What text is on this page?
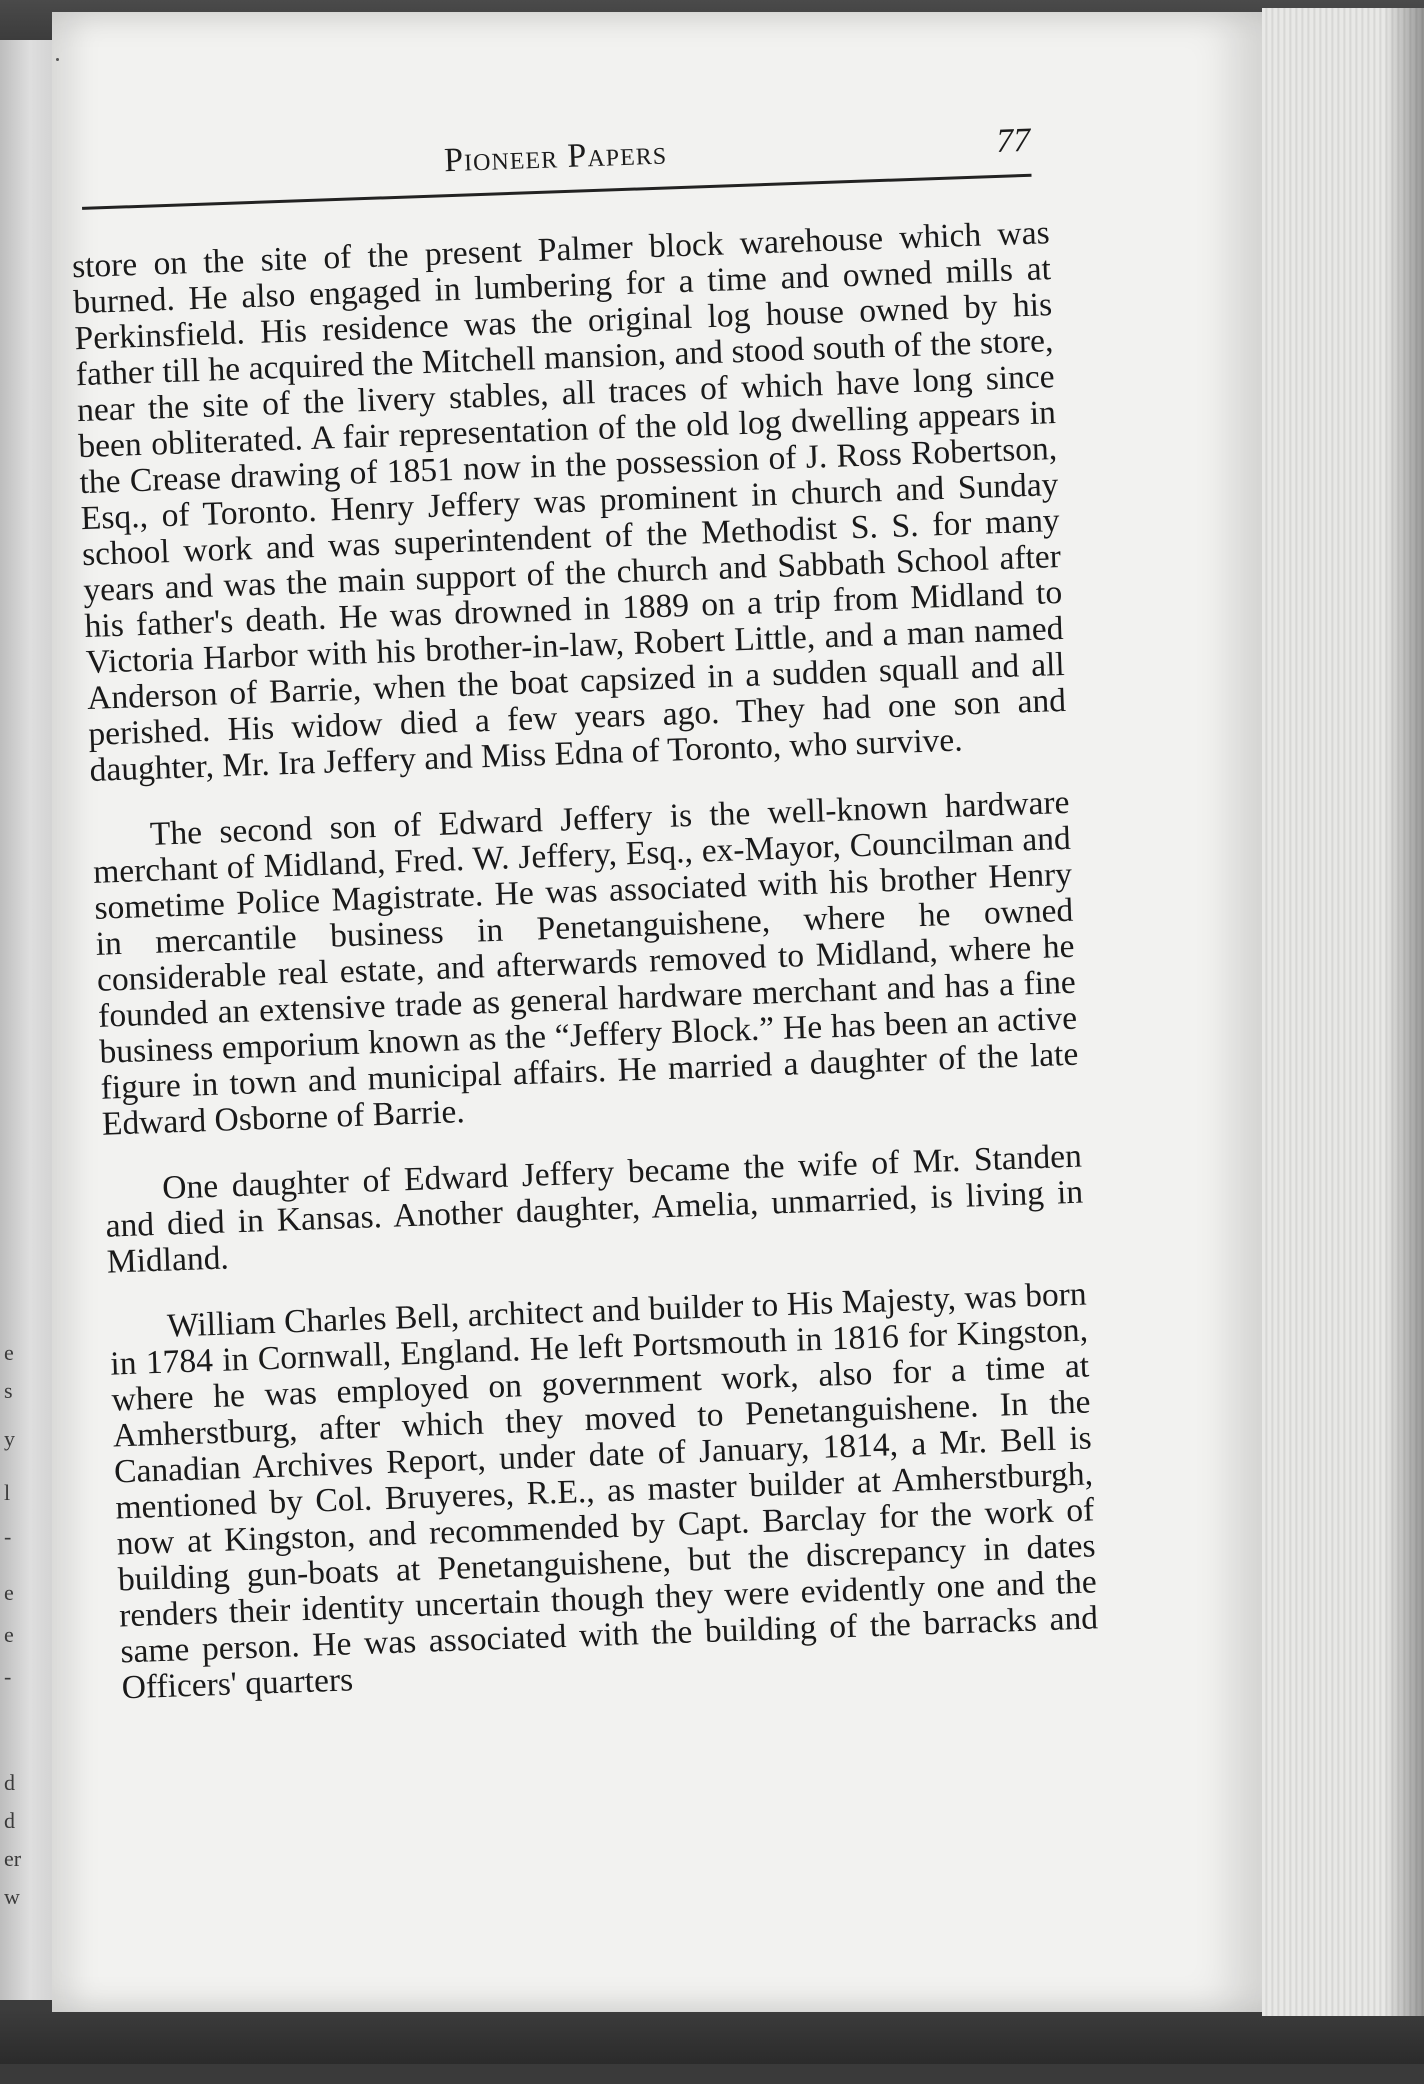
e
s
y
l
-
e
e
-
d
d
er
w
Pioneer Papers	77

store on the site of the present Palmer block warehouse which was burned. He also engaged in lumbering for a time and owned mills at Perkinsfield. His residence was the original log house owned by his father till he acquired the Mitchell mansion, and stood south of the store, near the site of the livery stables, all traces of which have long since been obliterated. A fair representation of the old log dwelling appears in the Crease drawing of 1851 now in the possession of J. Ross Robertson, Esq., of Toronto. Henry Jeffery was prominent in church and Sunday school work and was superintendent of the Methodist S. S. for many years and was the main support of the church and Sabbath School after his father's death. He was drowned in 1889 on a trip from Midland to Victoria Harbor with his brother-in-law, Robert Little, and a man named Anderson of Barrie, when the boat capsized in a sudden squall and all perished. His widow died a few years ago. They had one son and daughter, Mr. Ira Jeffery and Miss Edna of Toronto, who survive.

The second son of Edward Jeffery is the well-known hardware merchant of Midland, Fred. W. Jeffery, Esq., ex-Mayor, Councilman and sometime Police Magistrate. He was associated with his brother Henry in mercantile business in Penetanguishene, where he owned considerable real estate, and afterwards removed to Midland, where he founded an extensive trade as general hardware merchant and has a fine business emporium known as the “Jeffery Block.” He has been an active figure in town and municipal affairs. He married a daughter of the late Edward Osborne of Barrie.

One daughter of Edward Jeffery became the wife of Mr. Standen and died in Kansas. Another daughter, Amelia, unmarried, is living in Midland.

William Charles Bell, architect and builder to His Majesty, was born in 1784 in Cornwall, England. He left Portsmouth in 1816 for Kingston, where he was employed on government work, also for a time at Amherstburg, after which they moved to Penetanguishene. In the Canadian Archives Report, under date of January, 1814, a Mr. Bell is mentioned by Col. Bruyeres, R.E., as master builder at Amherstburgh, now at Kingston, and recommended by Capt. Barclay for the work of building gun-boats at Penetanguishene, but the discrepancy in dates renders their identity uncertain though they were evidently one and the same person. He was associated with the building of the barracks and Officers' quarters
